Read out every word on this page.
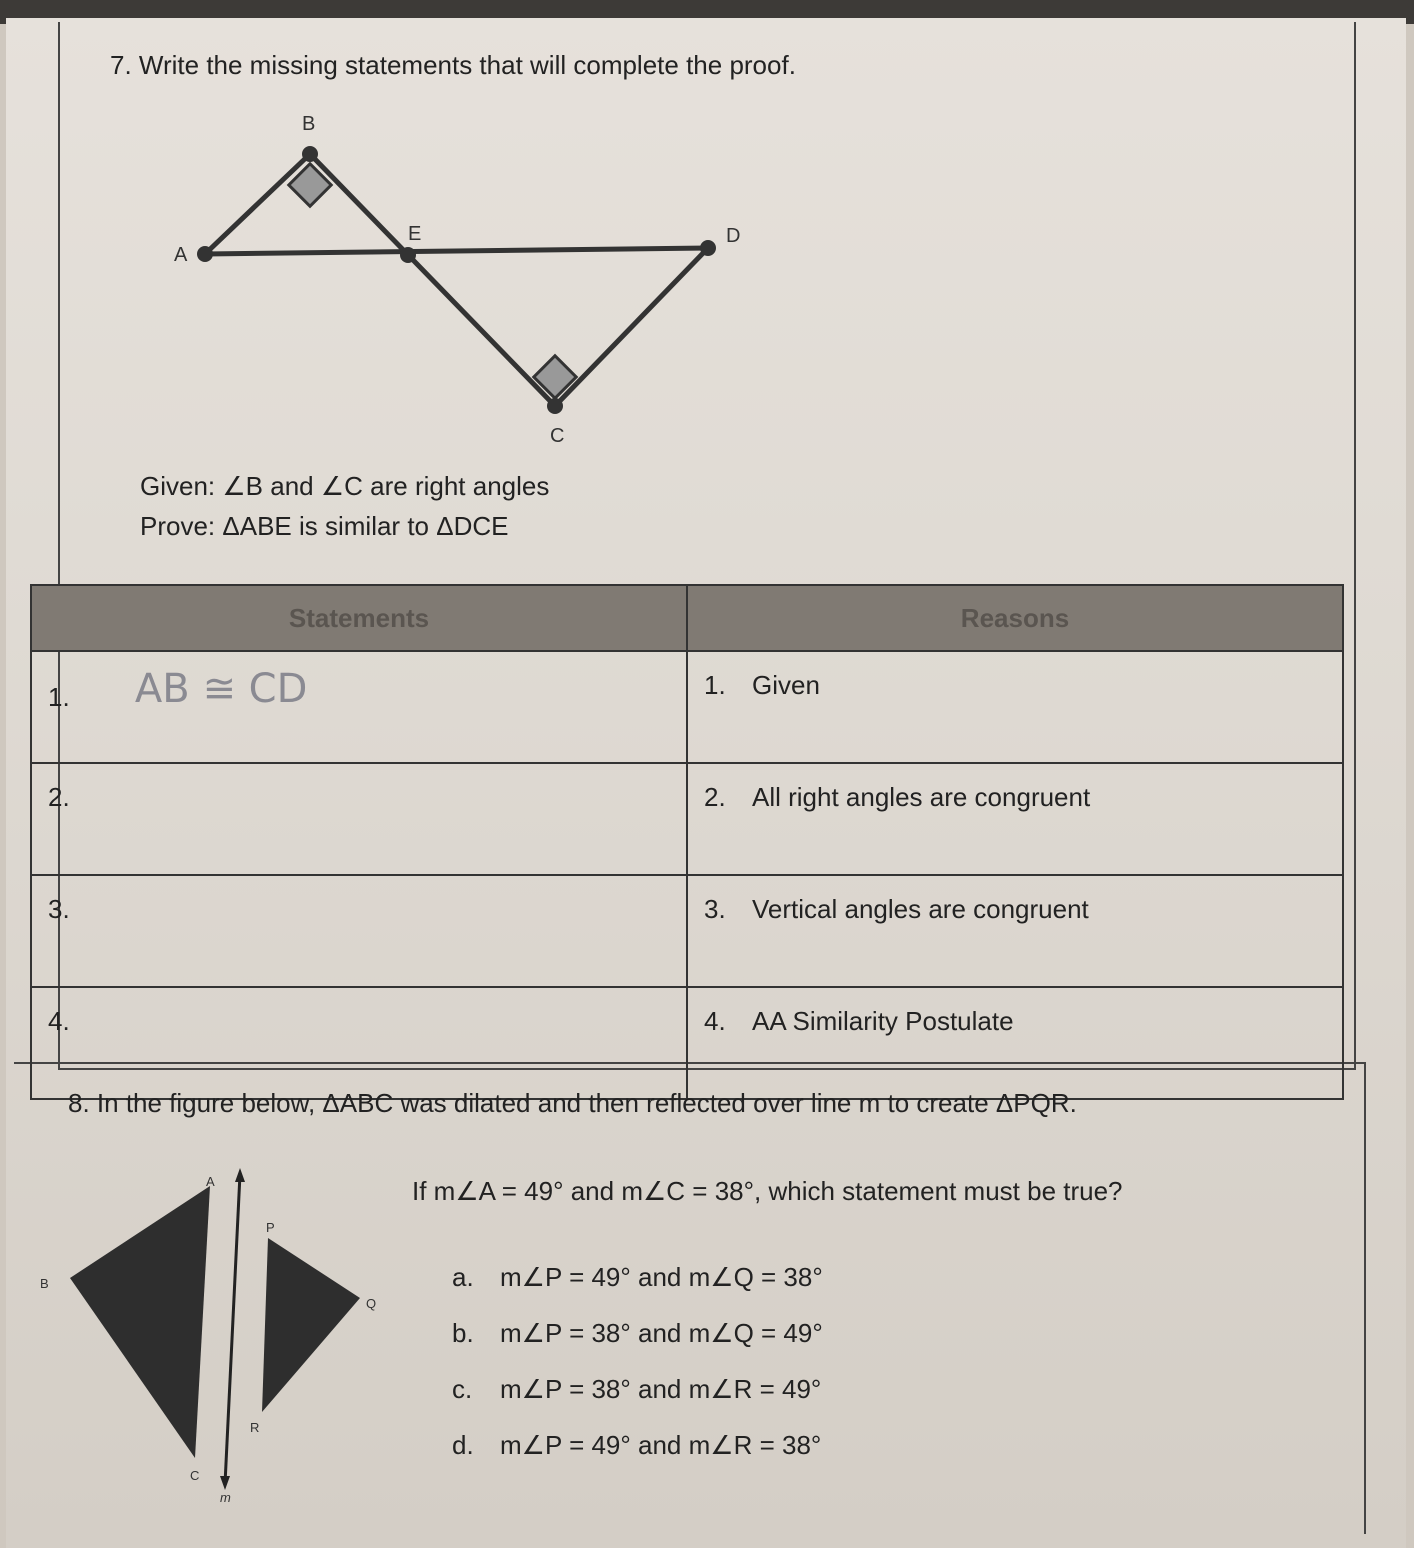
7. Write the missing statements that will complete the proof.
B
A
E	D
C
Given: ∠B and ∠C are right angles
Prove: ΔABE is similar to ΔDCE
Statements	Reasons
1. AB ≅ CD	1. Given
2.	2. All right angles are congruent
3.	3. Vertical angles are congruent
4.	4. AA Similarity Postulate
8. In the figure below, ΔABC was dilated and then reflected over line m to create ΔPQR.
A
B
C
P
Q
R
m
If m∠A = 49° and m∠C = 38°, which statement must be true?
a. m∠P = 49° and m∠Q = 38°
b. m∠P = 38° and m∠Q = 49°
c. m∠P = 38° and m∠R = 49°
d. m∠P = 49° and m∠R = 38°
